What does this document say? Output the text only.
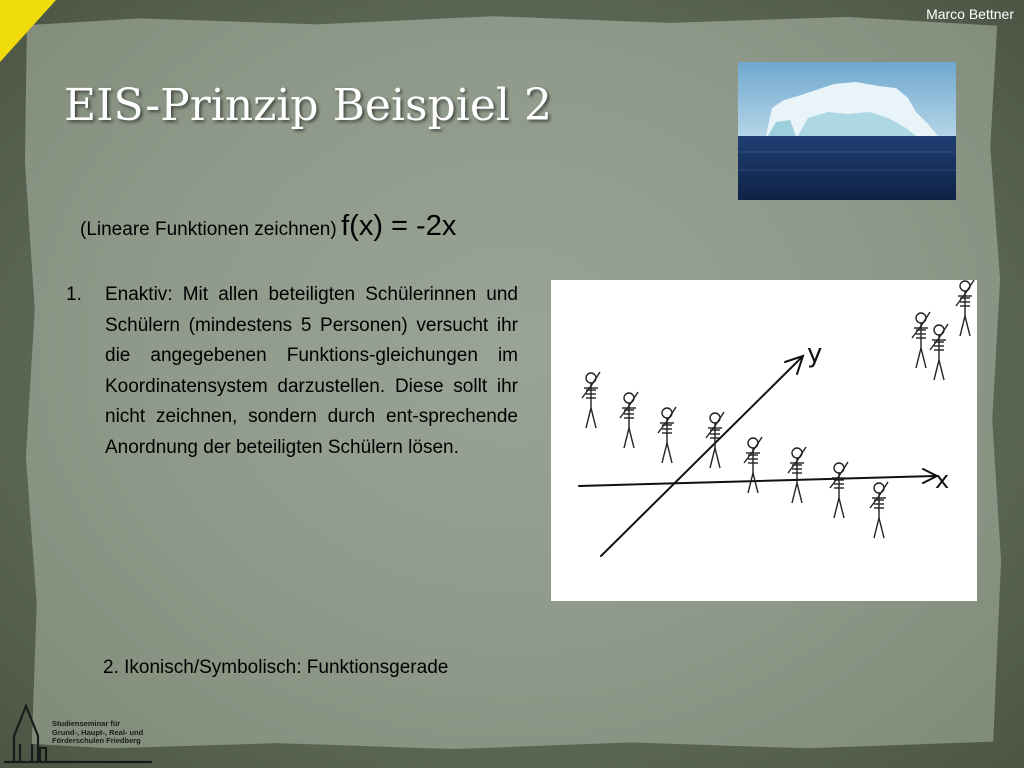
Marco Bettner
EIS-Prinzip Beispiel 2
(Lineare Funktionen zeichnen) f(x) = -2x
1. Enaktiv: Mit allen beteiligten Schülerinnen und Schülern (mindestens 5 Personen) versucht ihr die angegebenen Funktions-gleichungen im Koordinatensystem darzustellen. Diese sollt ihr nicht zeichnen, sondern durch ent-sprechende Anordnung der beteiligten Schülern lösen.
y
x
2. Ikonisch/Symbolisch: Funktionsgerade
Studienseminar für
Grund-, Haupt-, Real- und
Förderschulen Friedberg
